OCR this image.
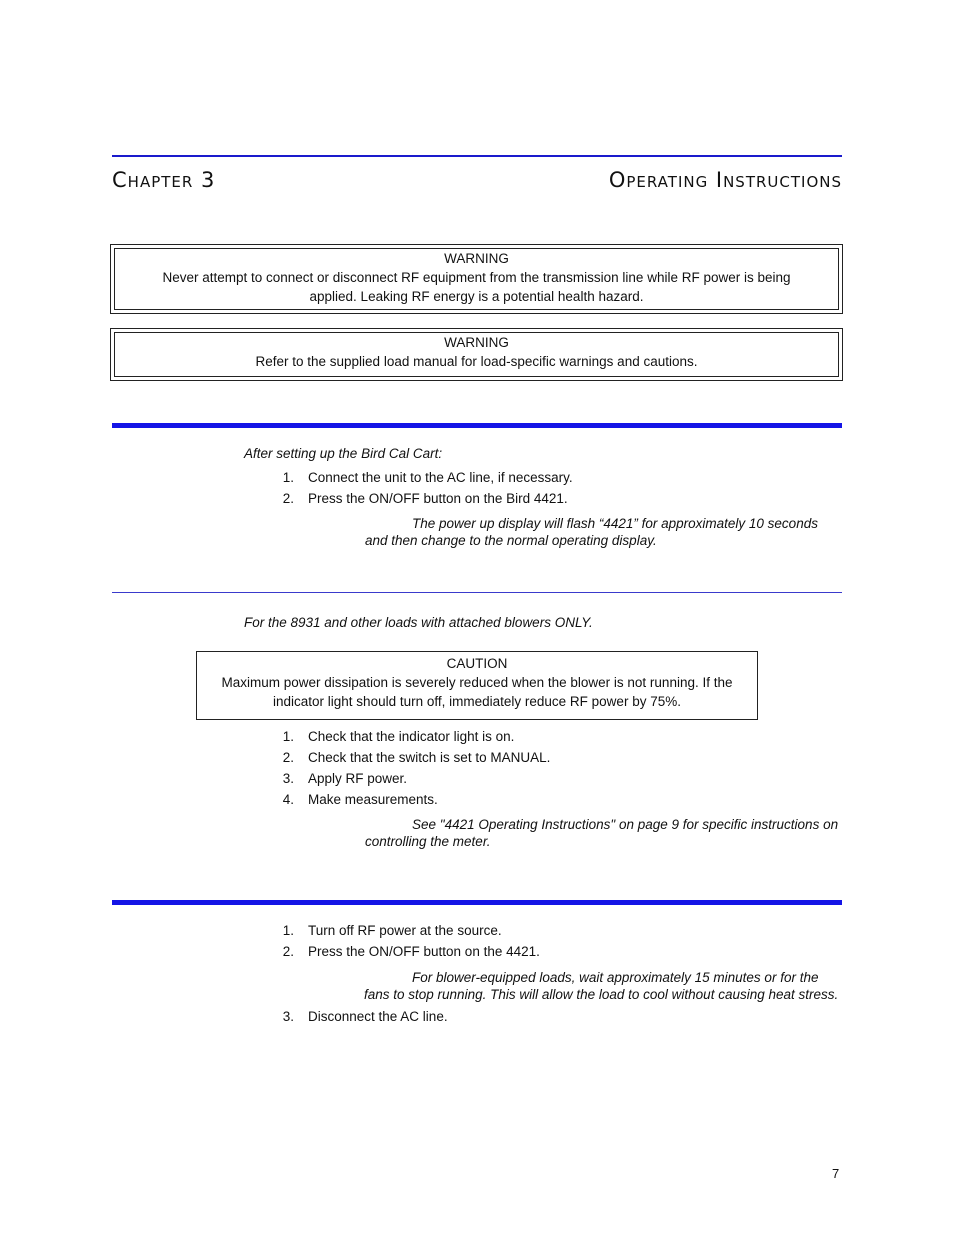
Chapter 3	Operating Instructions
WARNING
Never attempt to connect or disconnect RF equipment from the transmission line while RF power is being
applied. Leaking RF energy is a potential health hazard.
WARNING
Refer to the supplied load manual for load-specific warnings and cautions.
After setting up the Bird Cal Cart:
1. Connect the unit to the AC line, if necessary.
2. Press the ON/OFF button on the Bird 4421.
The power up display will flash “4421” for approximately 10 seconds
and then change to the normal operating display.
For the 8931 and other loads with attached blowers ONLY.
CAUTION
Maximum power dissipation is severely reduced when the blower is not running. If the
indicator light should turn off, immediately reduce RF power by 75%.
1. Check that the indicator light is on.
2. Check that the switch is set to MANUAL.
3. Apply RF power.
4. Make measurements.
See "4421 Operating Instructions" on page 9 for specific instructions on
controlling the meter.
1. Turn off RF power at the source.
2. Press the ON/OFF button on the 4421.
For blower-equipped loads, wait approximately 15 minutes or for the
fans to stop running. This will allow the load to cool without causing heat stress.
3. Disconnect the AC line.
7
